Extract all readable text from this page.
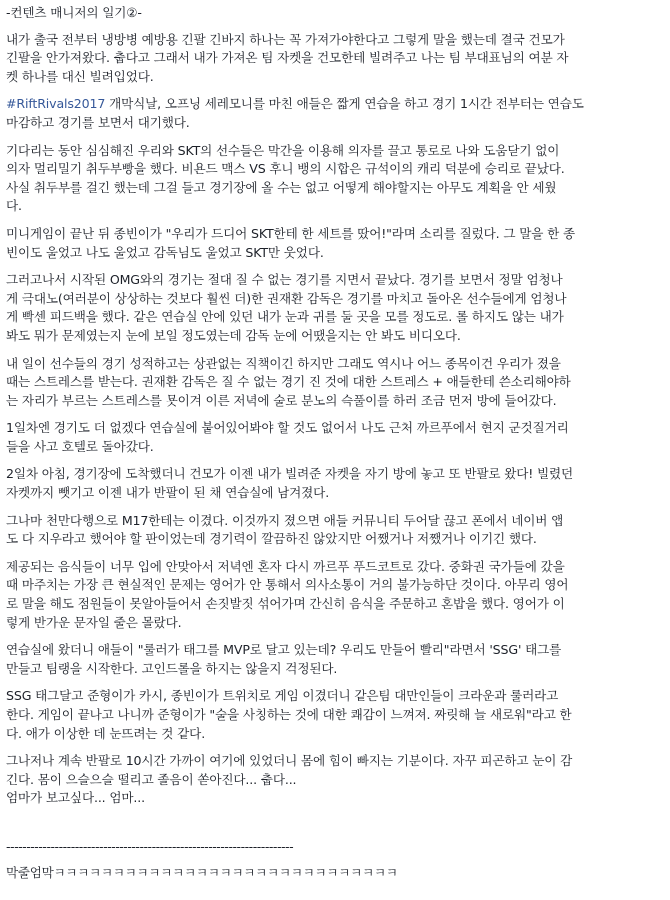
-컨텐츠 매니저의 일기②-
내가 출국 전부터 냉방병 예방용 긴팔 긴바지 하나는 꼭 가져가야한다고 그렇게 말을 했는데 결국 건모가
긴팔을 안가져왔다. 춥다고 그래서 내가 가져온 팀 자켓을 건모한테 빌려주고 나는 팀 부대표님의 여분 자
켓 하나를 대신 빌려입었다.
#RiftRivals2017 개막식날, 오프닝 세레모니를 마친 애들은 짧게 연습을 하고 경기 1시간 전부터는 연습도
마감하고 경기를 보면서 대기했다.
기다리는 동안 심심해진 우리와 SKT의 선수들은 막간을 이용해 의자를 끌고 통로로 나와 도움닫기 없이
의자 멀리밀기 취두부빵을 했다. 비욘드 맥스 VS 후니 뱅의 시합은 규석이의 캐리 덕분에 승리로 끝났다.
사실 취두부를 걸긴 했는데 그걸 들고 경기장에 올 수는 없고 어떻게 해야할지는 아무도 계획을 안 세웠
다.
미니게임이 끝난 뒤 종빈이가 "우리가 드디어 SKT한테 한 세트를 땄어!"라며 소리를 질렀다. 그 말을 한 종
빈이도 울었고 나도 울었고 감독님도 울었고 SKT만 웃었다.
그러고나서 시작된 OMG와의 경기는 절대 질 수 없는 경기를 지면서 끝났다. 경기를 보면서 정말 엄청나
게 극대노(여러분이 상상하는 것보다 훨씬 더)한 권재환 감독은 경기를 마치고 돌아온 선수들에게 엄청나
게 빡센 피드백을 했다. 같은 연습실 안에 있던 내가 눈과 귀를 둘 곳을 모를 정도로. 롤 하지도 않는 내가
봐도 뭐가 문제였는지 눈에 보일 정도였는데 감독 눈에 어땠을지는 안 봐도 비디오다.
내 일이 선수들의 경기 성적하고는 상관없는 직책이긴 하지만 그래도 역시나 어느 종목이건 우리가 졌을
때는 스트레스를 받는다. 권재환 감독은 질 수 없는 경기 진 것에 대한 스트레스 + 애들한테 쓴소리해야하
는 자리가 부르는 스트레스를 묫이겨 이른 저녁에 술로 분노의 슥풀이를 하러 조금 먼저 방에 들어갔다.
1일차엔 경기도 더 없겠다 연습실에 붙어있어봐야 할 것도 없어서 나도 근처 까르푸에서 현지 군것질거리
들을 사고 호텔로 돌아갔다.
2일차 아침, 경기장에 도착했더니 건모가 이젠 내가 빌려준 자켓을 자기 방에 놓고 또 반팔로 왔다! 빌렸던
자켓까지 뺏기고 이젠 내가 반팔이 된 채 연습실에 남겨졌다.
그나마 천만다행으로 M17한테는 이겼다. 이것까지 졌으면 애들 커뮤니티 두어달 끊고 폰에서 네이버 앱
도 다 지우라고 했어야 할 판이었는데 경기력이 깔끔하진 않았지만 어쨌거나 저쨌거나 이기긴 했다.
제공되는 음식들이 너무 입에 안맞아서 저녁엔 혼자 다시 까르푸 푸드코트로 갔다. 중화권 국가들에 갔을
때 마주치는 가장 큰 현실적인 문제는 영어가 안 통해서 의사소통이 거의 불가능하단 것이다. 아무리 영어
로 말을 해도 점원들이 못알아들어서 손짓발짓 섞어가며 간신히 음식을 주문하고 혼밥을 했다. 영어가 이
렇게 반가운 문자일 줄은 몰랐다.
연습실에 왔더니 애들이 "룰러가 태그를 MVP로 달고 있는데? 우리도 만들어 빨리"라면서 'SSG' 태그를
만들고 팀랭을 시작한다. 고인드롤을 하지는 않을지 걱정된다.
SSG 태그달고 준형이가 카시, 종빈이가 트위치로 게임 이겼더니 같은팀 대만인들이 크라운과 룰러라고
한다. 게임이 끝나고 나니까 준형이가 "술을 사칭하는 것에 대한 쾌감이 느껴져. 짜릿해 늘 새로워"라고 한
다. 애가 이상한 데 눈뜨려는 것 같다.
그나저나 계속 반팔로 10시간 가까이 여기에 있었더니 몸에 힘이 빠지는 기분이다. 자꾸 피곤하고 눈이 감
긴다. 몸이 으슬으슬 떨리고 졸음이 쏟아진다... 춥다...
엄마가 보고싶다... 엄마...
-----------------------------------------------------------------------
막줄엄막ㅋㅋㅋㅋㅋㅋㅋㅋㅋㅋㅋㅋㅋㅋㅋㅋㅋㅋㅋㅋㅋㅋㅋㅋㅋㅋㅋㅋㅋ
